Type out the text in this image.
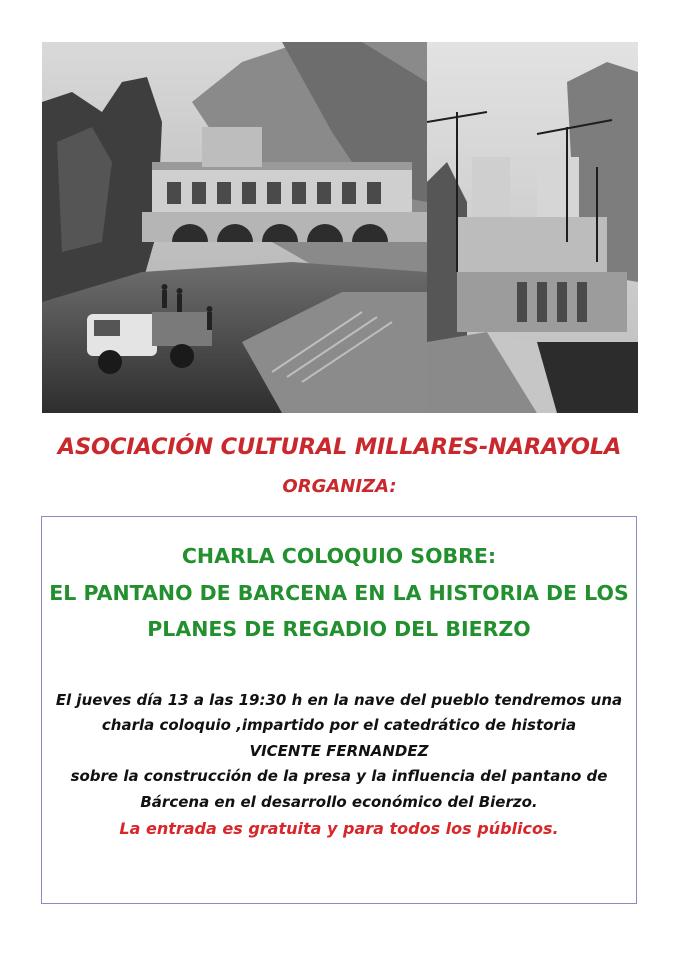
ASOCIACIÓN CULTURAL MILLARES-NARAYOLA
ORGANIZA:
CHARLA COLOQUIO SOBRE:
EL PANTANO DE BARCENA EN LA HISTORIA DE LOS
PLANES DE REGADIO DEL BIERZO
El jueves día 13 a las 19:30 h en la nave del pueblo tendremos una
charla coloquio ,impartido por el catedrático de historia
VICENTE FERNANDEZ
sobre la construcción de la presa y la influencia del pantano de
Bárcena en el desarrollo económico del Bierzo.
La entrada es gratuita y para todos los públicos.
